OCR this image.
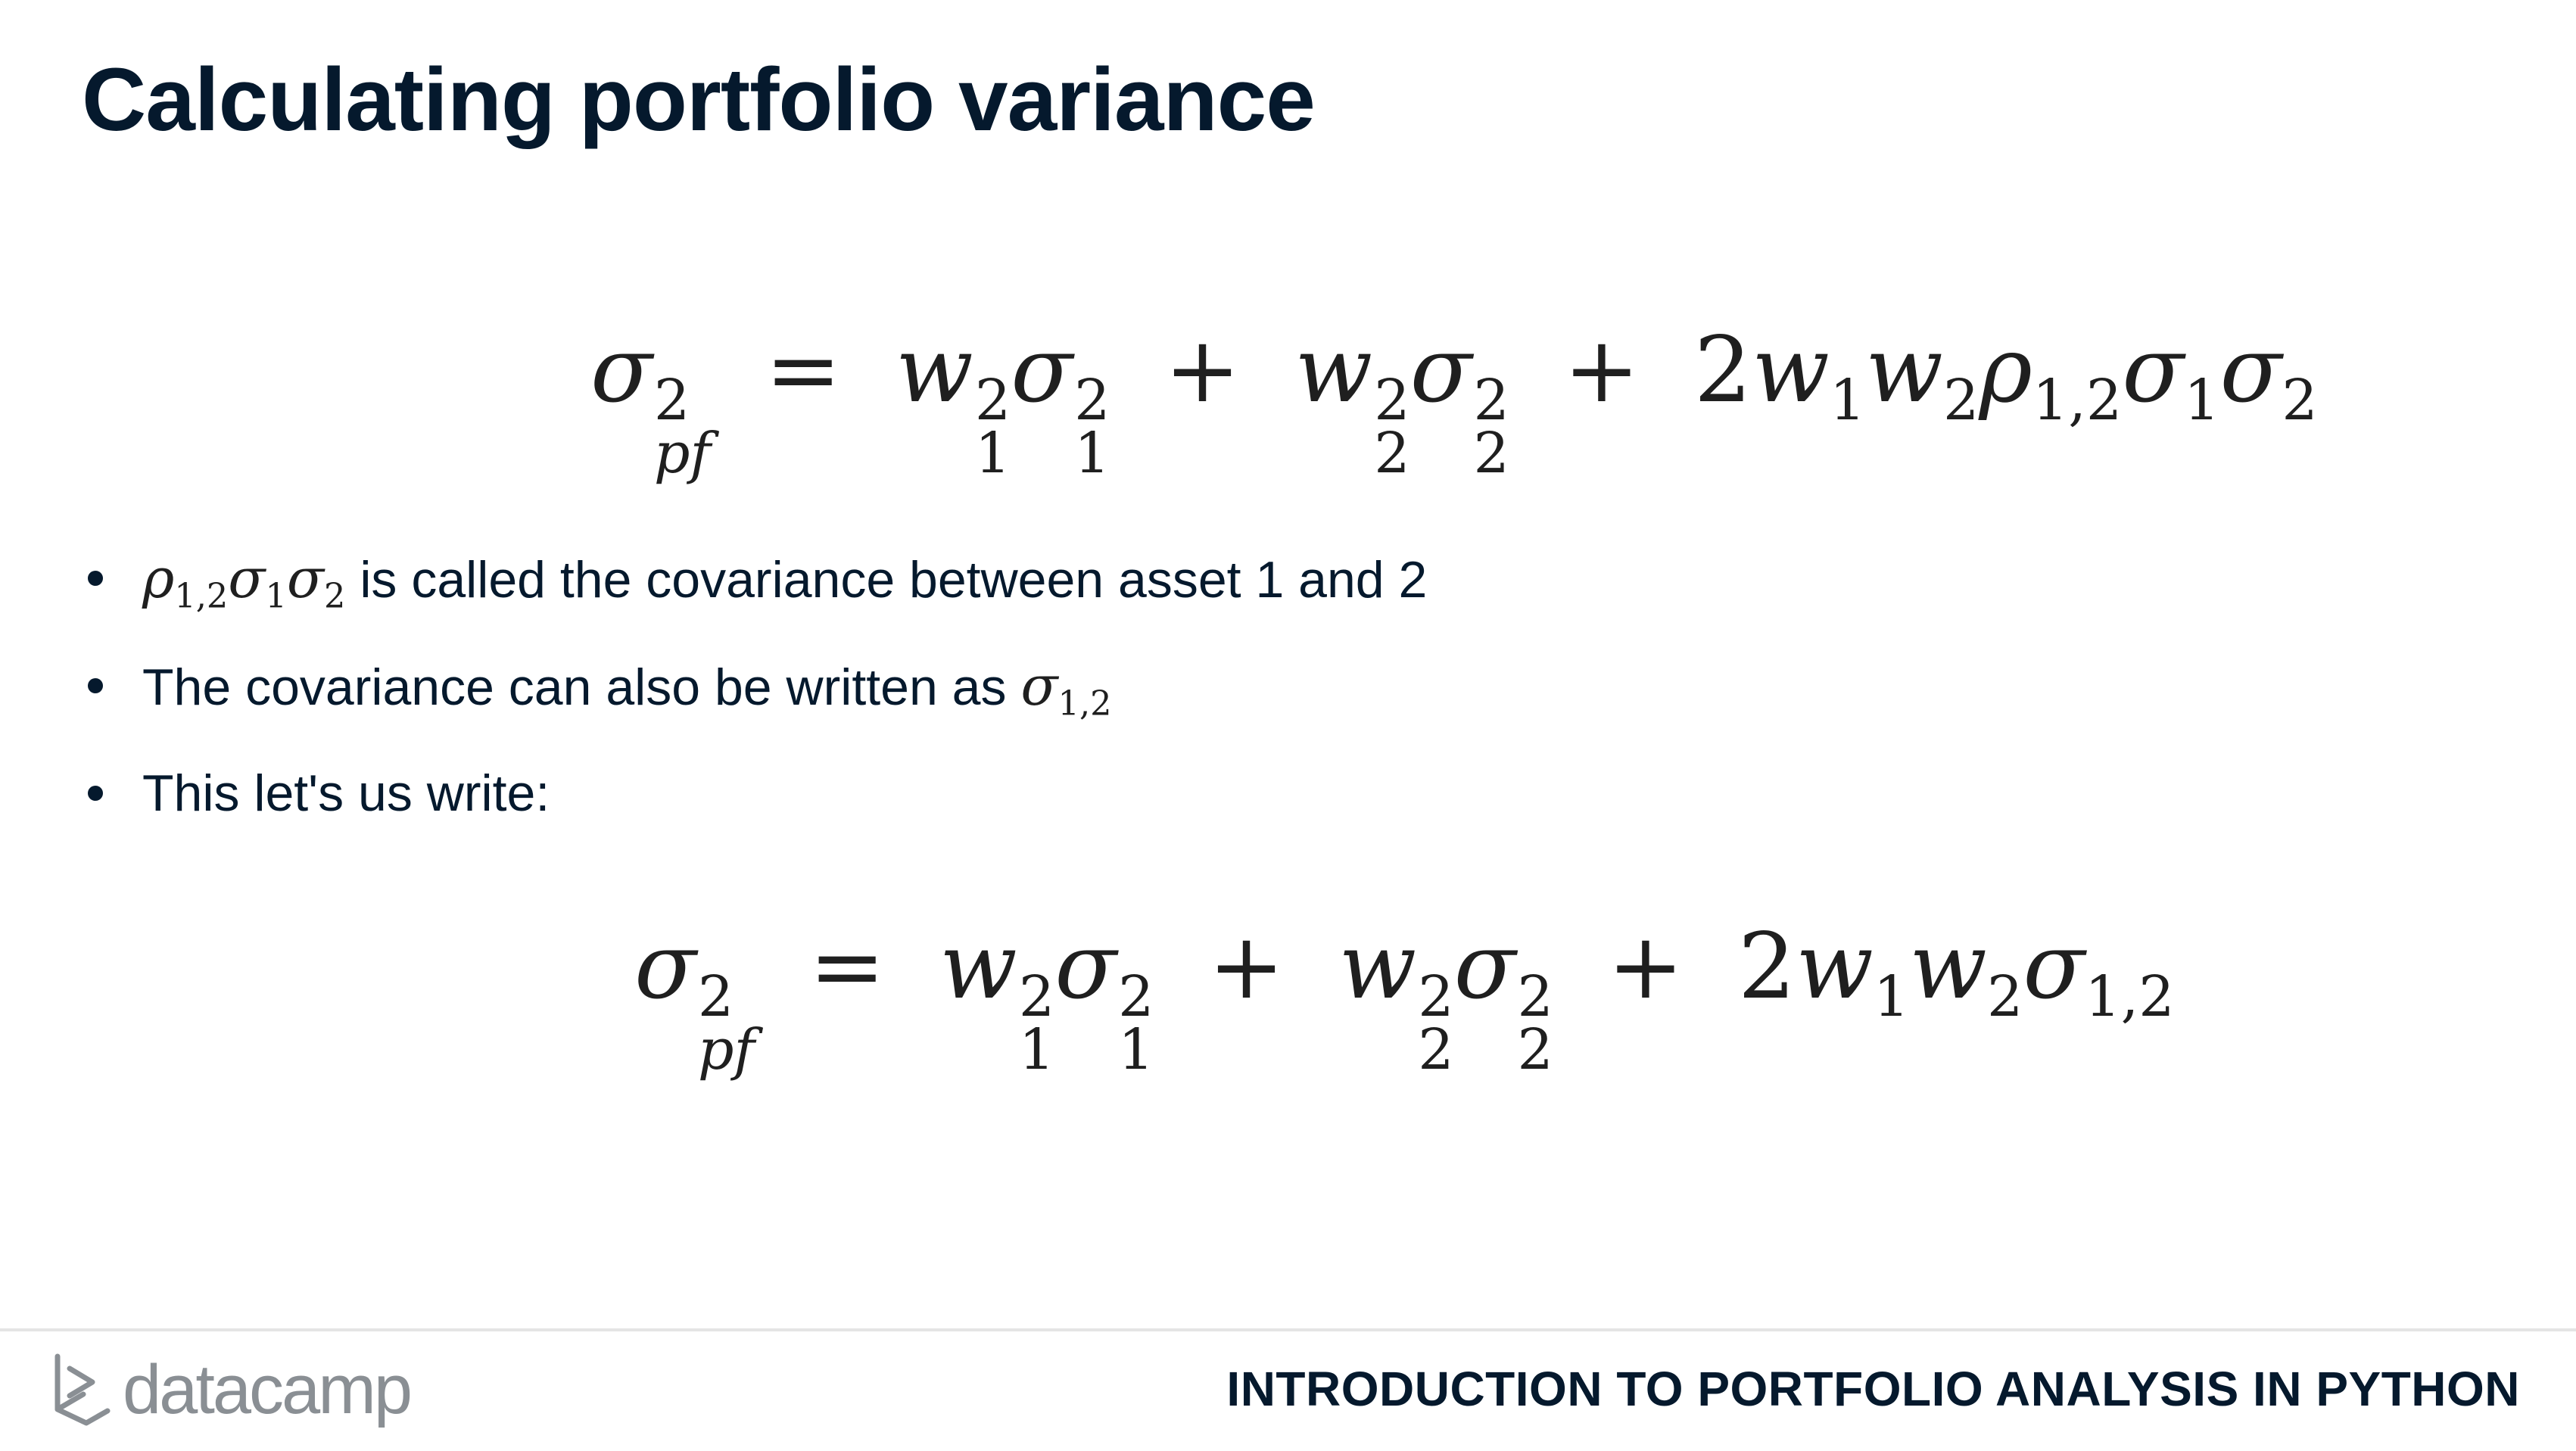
Calculating portfolio variance
σ 2
pf
= w 2
1
σ 2
1
+ w 2
2
σ 2
2
+ $2w_1w_2\rho_{1,2}\sigma_1\sigma_2$
$\rho_{1,2}\sigma_1\sigma_2$ is called the covariance between asset 1 and 2
The covariance can also be written as $\sigma_{1,2}$
This let's us write:
σ 2
pf
= w 2
1
σ 2
1
+ w 2
2
σ 2
2
+ $2w_1w_2\sigma_{1,2}$
datacamp	INTRODUCTION TO PORTFOLIO ANALYSIS IN PYTHON
